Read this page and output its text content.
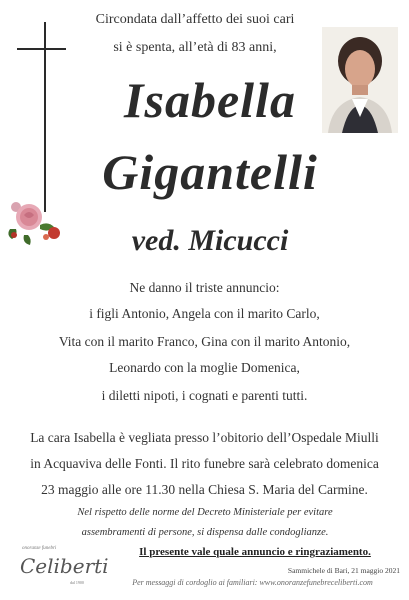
Circondata dall’affetto dei suoi cari
si è spenta, all’età di 83 anni,
Isabella
Gigantelli
ved. Micucci
Ne danno il triste annuncio:
i figli Antonio, Angela con il marito Carlo,
Vita con il marito Franco, Gina con il marito Antonio,
Leonardo con la moglie Domenica,
i diletti nipoti, i cognati e parenti tutti.
La cara Isabella è vegliata presso l’obitorio dell’Ospedale Miulli
in Acquaviva delle Fonti. Il rito funebre sarà celebrato domenica
23 maggio alle ore 11.30 nella Chiesa S. Maria del Carmine.
Nel rispetto delle norme del Decreto Ministeriale per evitare
assembramenti di persone, si dispensa dalle condoglianze.
Il presente vale quale annuncio e ringraziamento.
Sammichele di Bari, 21 maggio 2021
onoranze funebri
Celiberti
dal 1900	Per messaggi di cordoglio ai familiari: www.onoranzefunebreceliberti.com
